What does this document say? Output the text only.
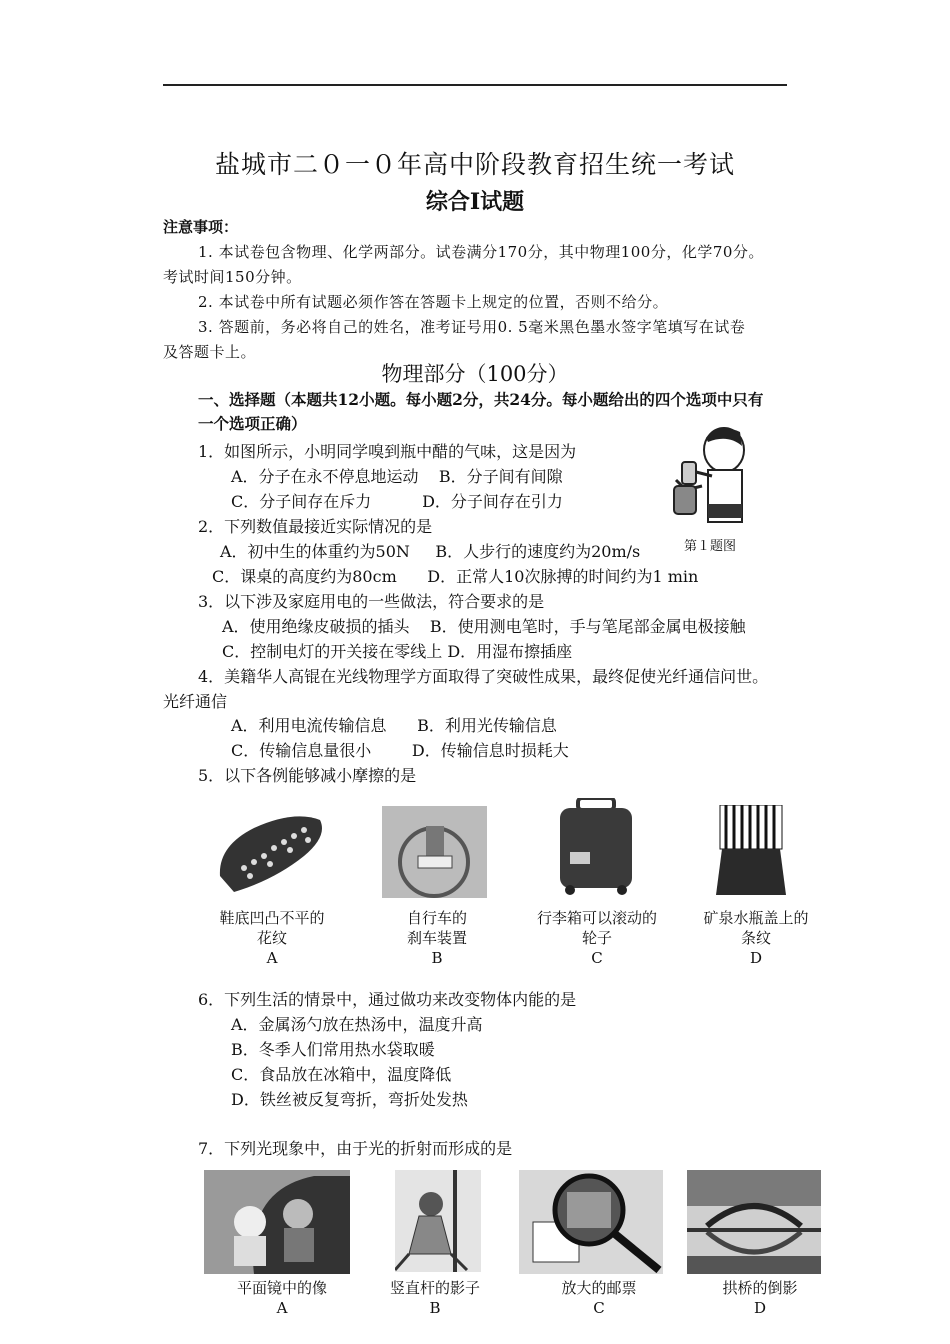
盐城市二０一０年高中阶段教育招生统一考试
综合Ⅰ试题
注意事项：
1. 本试卷包含物理、化学两部分。试卷满分170分，其中物理100分，化学70分。
考试时间150分钟。
2. 本试卷中所有试题必须作答在答题卡上规定的位置，否则不给分。
3. 答题前，务必将自己的姓名，准考证号用0. 5毫米黑色墨水签字笔填写在试卷
及答题卡上。
物理部分（100分）
一、选择题（本题共12小题。每小题2分，共24分。每小题给出的四个选项中只有
一个选项正确）
1．如图所示，小明同学嗅到瓶中醋的气味，这是因为
A．分子在永不停息地运动    B．分子间有间隙
C．分子间存在斥力          D．分子间存在引力
第１题图
2．下列数值最接近实际情况的是
A．初中生的体重约为50N     B．人步行的速度约为20m/s
C．课桌的高度约为80cm      D．正常人10次脉搏的时间约为1 min
3．以下涉及家庭用电的一些做法，符合要求的是
A．使用绝缘皮破损的插头    B．使用测电笔时，手与笔尾部金属电极接触
C．控制电灯的开关接在零线上 D．用湿布擦插座
4．美籍华人高锟在光线物理学方面取得了突破性成果，最终促使光纤通信问世。
光纤通信
A．利用电流传输信息      B．利用光传输信息
C．传输信息量很小        D．传输信息时损耗大
5．以下各例能够减小摩擦的是
鞋底凹凸不平的
花纹
A
自行车的
刹车装置
B
行李箱可以滚动的
轮子
C
矿泉水瓶盖上的
条纹
D
6．下列生活的情景中，通过做功来改变物体内能的是
A．金属汤勺放在热汤中，温度升高
B．冬季人们常用热水袋取暖
C．食品放在冰箱中，温度降低
D．铁丝被反复弯折，弯折处发热
7．下列光现象中，由于光的折射而形成的是
平面镜中的像
A
竖直杆的影子
B
放大的邮票
C
拱桥的倒影
D
